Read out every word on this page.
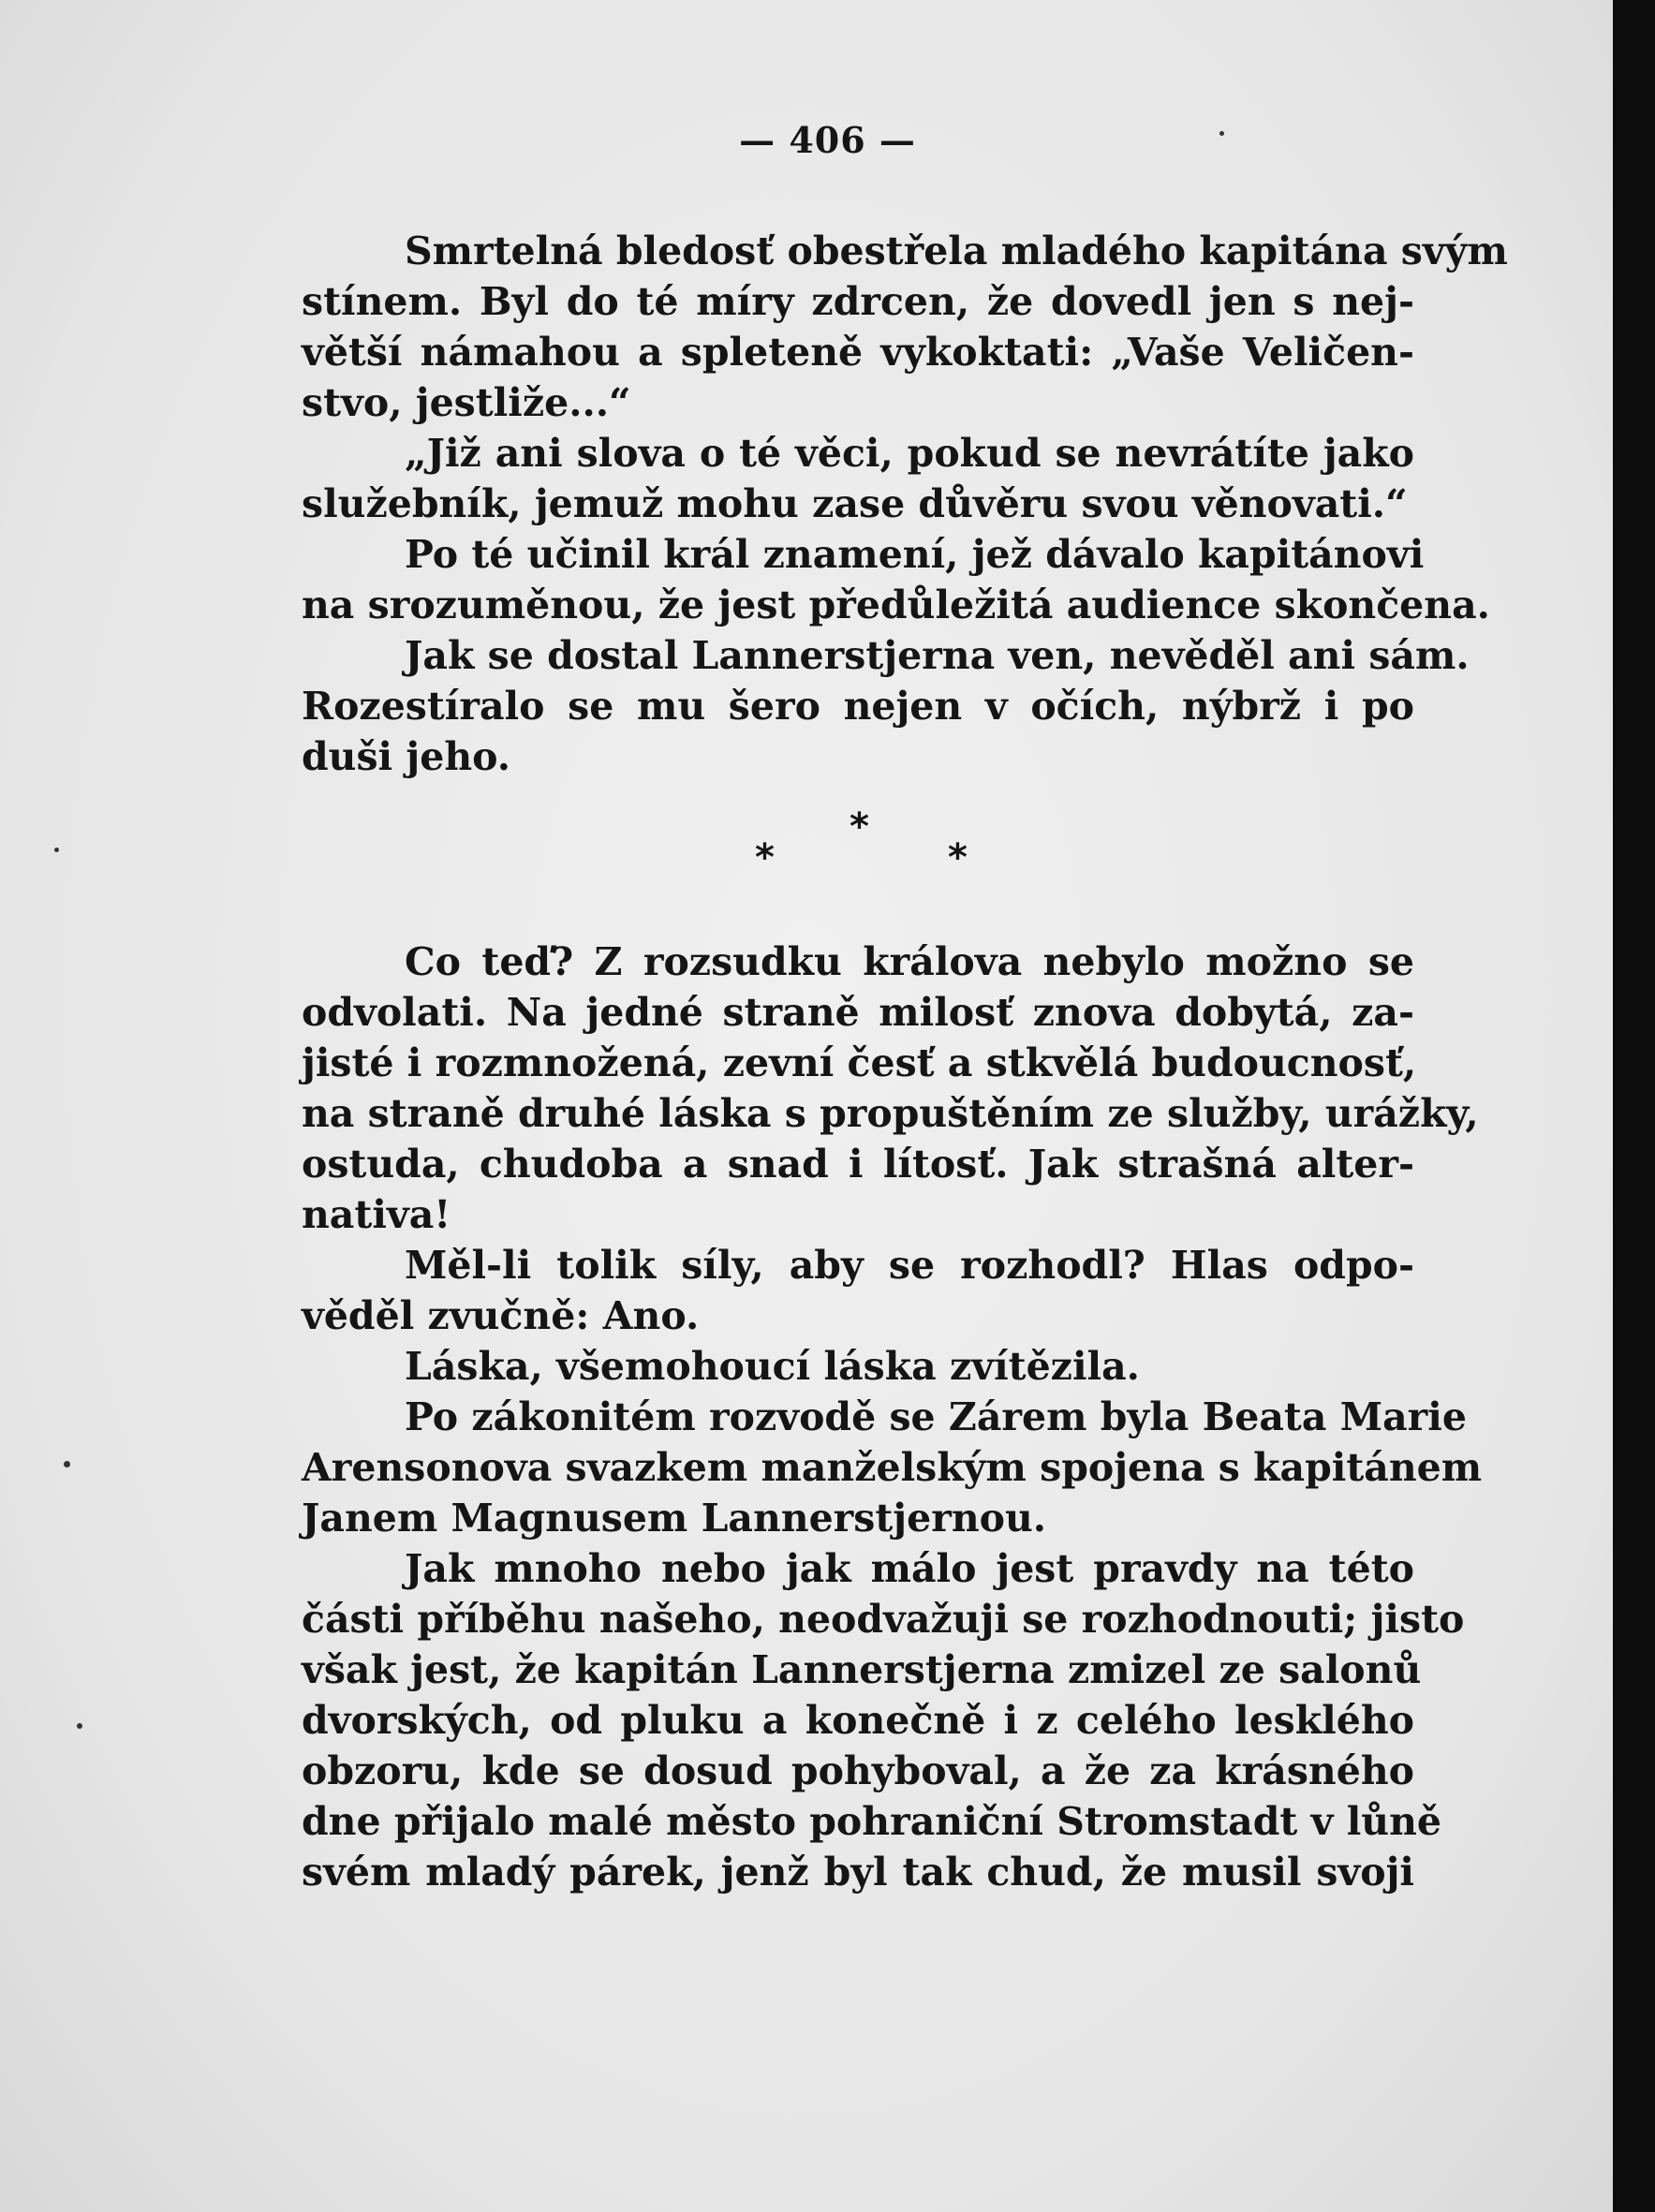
— 406 —
Smrtelná bledosť obestřela mladého kapitána svým
stínem. Byl do té míry zdrcen, že dovedl jen s nej-
větší námahou a spleteně vykoktati: „Vaše Veličen-
stvo, jestliže...“
„Již ani slova o té věci, pokud se nevrátíte jako
služebník, jemuž mohu zase důvěru svou věnovati.“
Po té učinil král znamení, jež dávalo kapitánovi
na srozuměnou, že jest předůležitá audience skončena.
Jak se dostal Lannerstjerna ven, nevěděl ani sám.
Rozestíralo se mu šero nejen v očích, nýbrž i po
duši jeho.
Co teď? Z rozsudku králova nebylo možno se
odvolati. Na jedné straně milosť znova dobytá, za-
jisté i rozmnožená, zevní česť a stkvělá budoucnosť,
na straně druhé láska s propuštěním ze služby, urážky,
ostuda, chudoba a snad i lítosť. Jak strašná alter-
nativa!
Měl-li tolik síly, aby se rozhodl? Hlas odpo-
věděl zvučně: Ano.
Láska, všemohoucí láska zvítězila.
Po zákonitém rozvodě se Zárem byla Beata Marie
Arensonova svazkem manželským spojena s kapitánem
Janem Magnusem Lannerstjernou.
Jak mnoho nebo jak málo jest pravdy na této
části příběhu našeho, neodvažuji se rozhodnouti; jisto
však jest, že kapitán Lannerstjerna zmizel ze salonů
dvorských, od pluku a konečně i z celého lesklého
obzoru, kde se dosud pohyboval, a že za krásného
dne přijalo malé město pohraniční Stromstadt v lůně
svém mladý párek, jenž byl tak chud, že musil svoji
*
*	*
